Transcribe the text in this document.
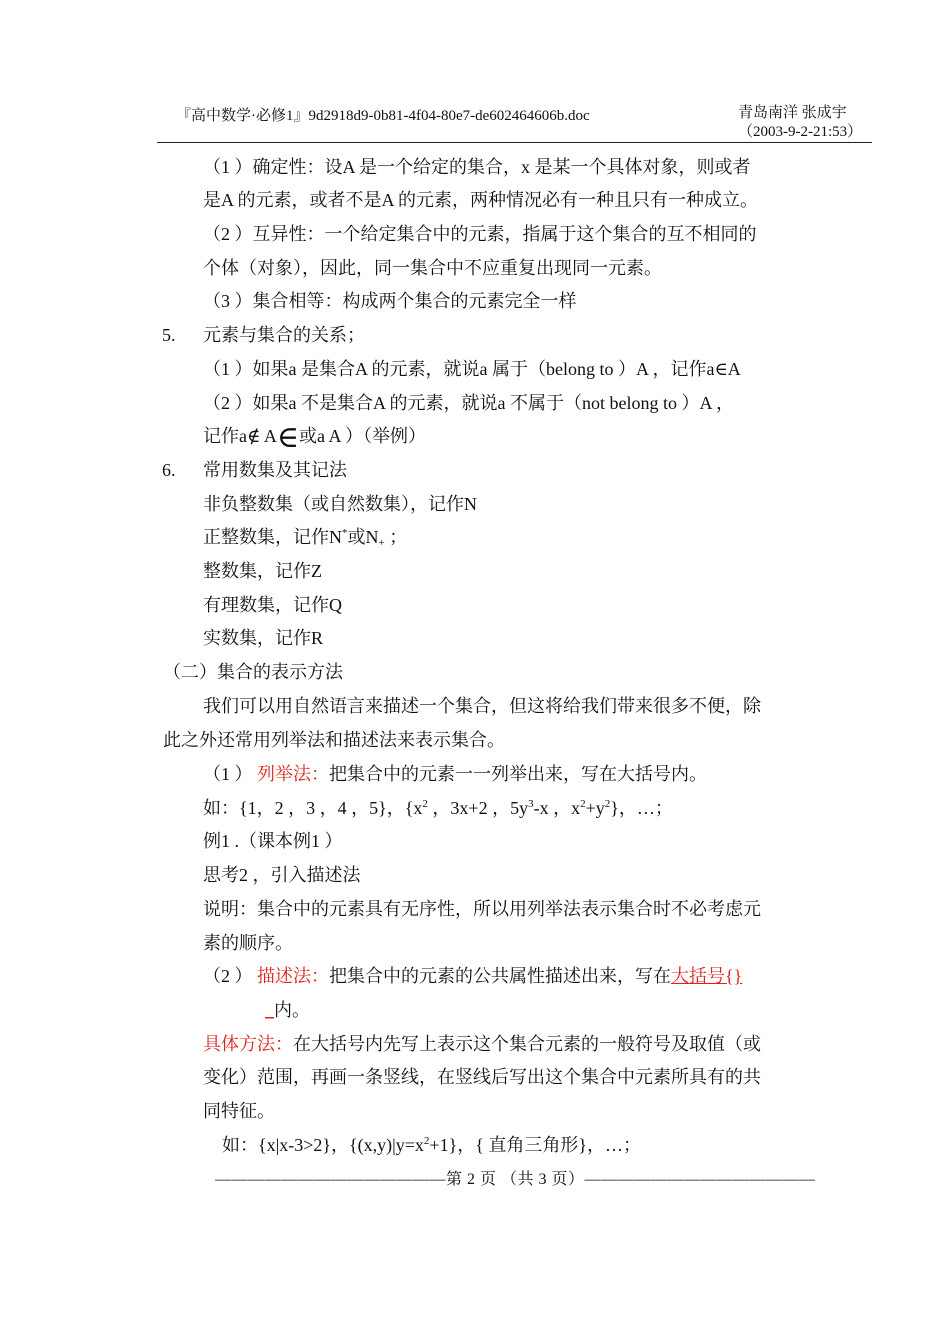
『高中数学·必修1』9d2918d9-0b81-4f04-80e7-de602464606b.doc	青岛南洋 张成宇
（2003-9-2-21:53）
（1 ）确定性：设A 是一个给定的集合，x 是某一个具体对象，则或者
是A 的元素，或者不是A 的元素，两种情况必有一种且只有一种成立。
（2 ）互异性：一个给定集合中的元素，指属于这个集合的互不相同的
个体（对象），因此，同一集合中不应重复出现同一元素。
（3 ）集合相等：构成两个集合的元素完全一样
5. 元素与集合的关系；
（1 ）如果a 是集合A 的元素，就说a 属于（belong to ）A ，记作a∈A
（2 ）如果a 不是集合A 的元素，就说a 不属于（not belong to ）A ，
记作a∉ A∈或a A ）（举例）
6. 常用数集及其记法
非负整数集（或自然数集），记作N
正整数集，记作N*或$N_+$ ；
整数集，记作Z
有理数集，记作Q
实数集，记作R
（二）集合的表示方法
我们可以用自然语言来描述一个集合，但这将给我们带来很多不便，除
此之外还常用列举法和描述法来表示集合。
（1 ） 列举法：把集合中的元素一一列举出来，写在大括号内。
如：{1，2 ，3 ，4 ，5}，{$x^2$ ，3x+2 ，$5y^3-x$ ，$x^2+y^2$}，…；
例1 .（课本例1 ）
思考2 ，引入描述法
说明：集合中的元素具有无序性，所以用列举法表示集合时不必考虑元
素的顺序。
（2 ） 描述法：把集合中的元素的公共属性描述出来，写在大括号{}
_内。
具体方法：在大括号内先写上表示这个集合元素的一般符号及取值（或
变化）范围，再画一条竖线，在竖线后写出这个集合中元素所具有的共
同特征。
如：{x|x-3>2}，$\{(x,y)|y=x^2+1\}$，{ 直角三角形}，…；
——————————————第 2 页 （共 3 页）——————————————
